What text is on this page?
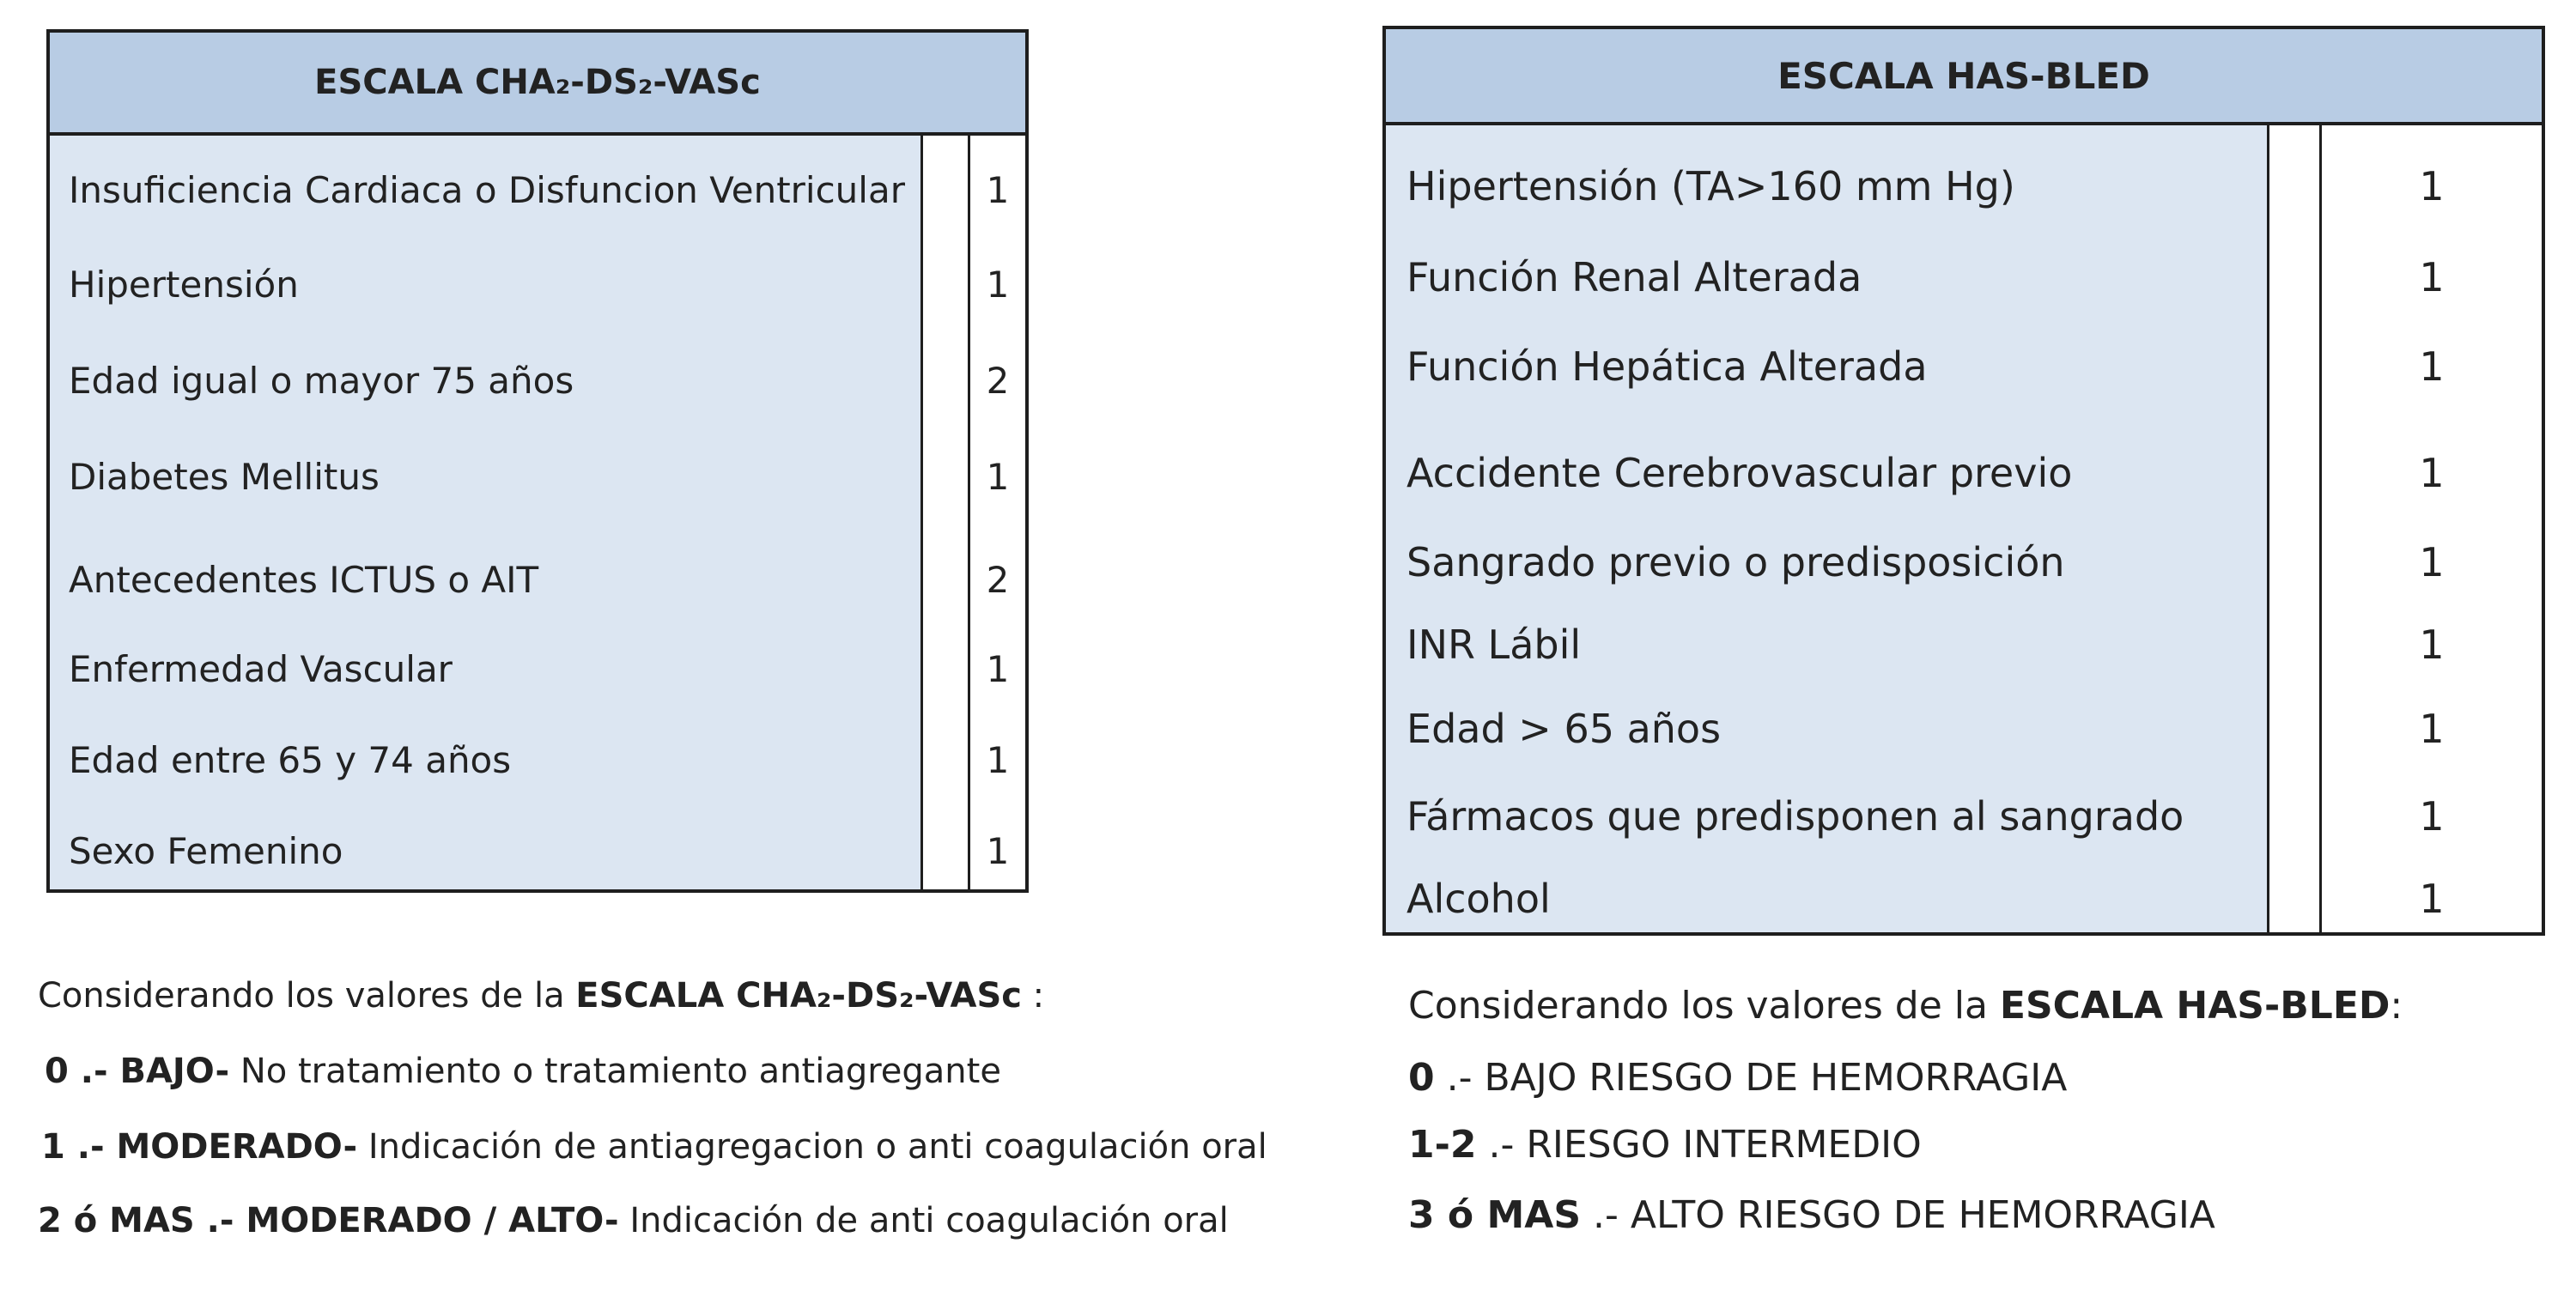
ESCALA CHA₂-DS₂-VASc
Insuficiencia Cardiaca o Disfuncion Ventricular	1
Hipertensión	1
Edad igual o mayor 75 años	2
Diabetes Mellitus	1
Antecedentes ICTUS o AIT	2
Enfermedad Vascular	1
Edad entre 65 y 74 años	1
Sexo Femenino	1
ESCALA HAS-BLED
Hipertensión (TA>160 mm Hg)	1
Función Renal Alterada	1
Función Hepática Alterada	1
Accidente Cerebrovascular previo	1
Sangrado previo o predisposición	1
INR Lábil	1
Edad > 65 años	1
Fármacos que predisponen al sangrado	1
Alcohol	1
Considerando los valores de la ESCALA CHA₂-DS₂-VASc :
0 .- BAJO- No tratamiento o tratamiento antiagregante
1 .- MODERADO- Indicación de antiagregacion o anti coagulación oral
2 ó MAS .- MODERADO / ALTO- Indicación de anti coagulación oral
Considerando los valores de la ESCALA HAS-BLED:
0 .- BAJO RIESGO DE HEMORRAGIA
1-2 .- RIESGO INTERMEDIO
3 ó MAS .- ALTO RIESGO DE HEMORRAGIA
